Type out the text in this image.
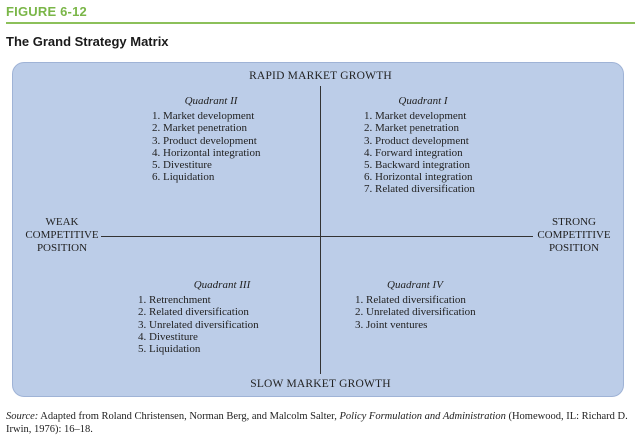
FIGURE 6-12
The Grand Strategy Matrix
RAPID MARKET GROWTH
SLOW MARKET GROWTH
WEAK
COMPETITIVE
POSITION
STRONG
COMPETITIVE
POSITION
Quadrant II
1. Market development
2. Market penetration
3. Product development
4. Horizontal integration
5. Divestiture
6. Liquidation
Quadrant I
1. Market development
2. Market penetration
3. Product development
4. Forward integration
5. Backward integration
6. Horizontal integration
7. Related diversification
Quadrant III
1. Retrenchment
2. Related diversification
3. Unrelated diversification
4. Divestiture
5. Liquidation
Quadrant IV
1. Related diversification
2. Unrelated diversification
3. Joint ventures
Source: Adapted from Roland Christensen, Norman Berg, and Malcolm Salter, Policy Formulation and Administration (Homewood, IL: Richard D. Irwin, 1976): 16–18.
